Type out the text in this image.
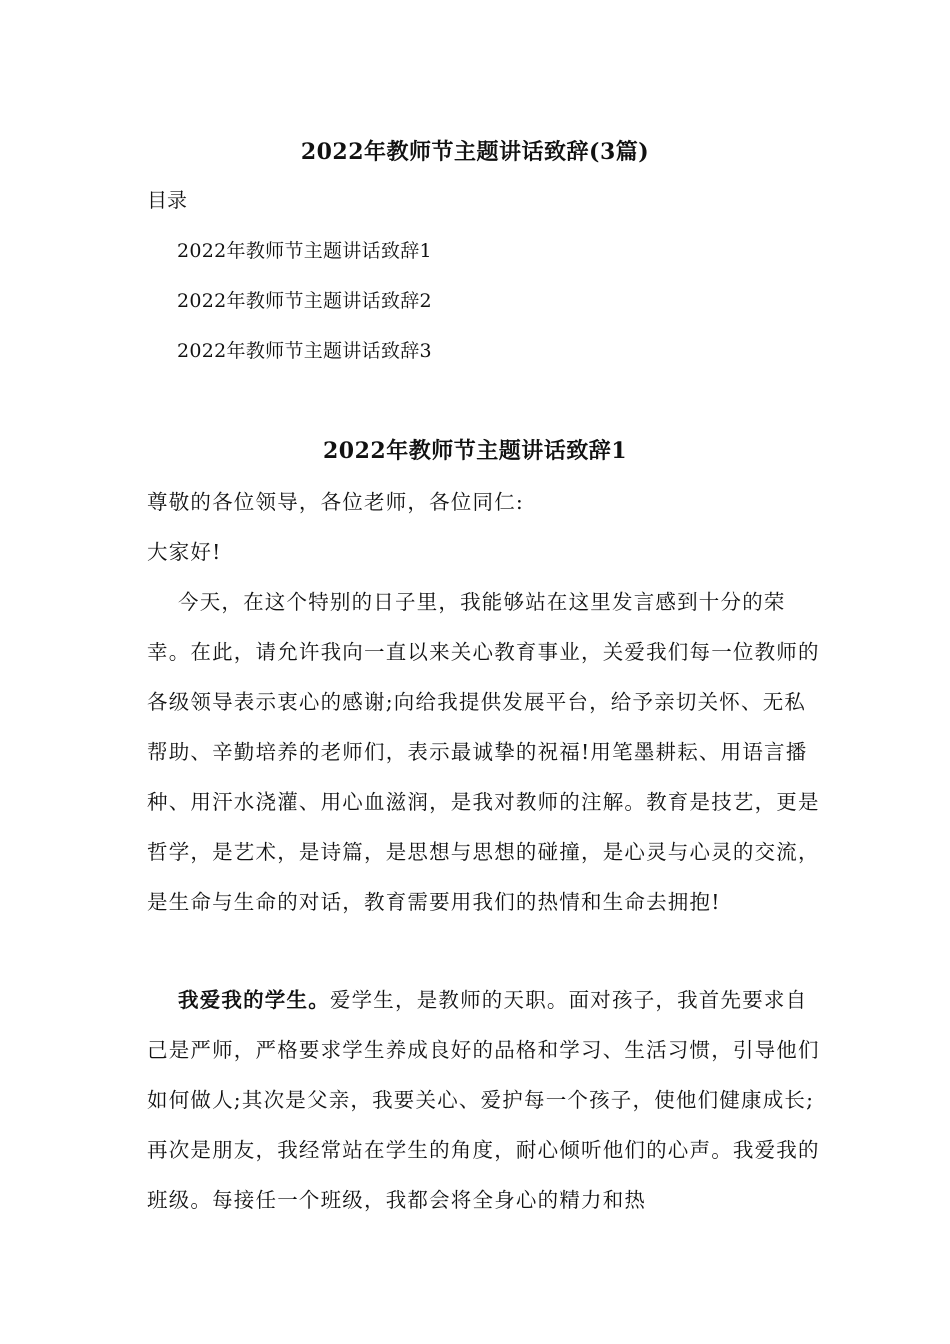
2022年教师节主题讲话致辞(3篇)
目录
2022年教师节主题讲话致辞1
2022年教师节主题讲话致辞2
2022年教师节主题讲话致辞3
2022年教师节主题讲话致辞1
尊敬的各位领导，各位老师，各位同仁:
大家好!
今天，在这个特别的日子里，我能够站在这里发言感到十分的荣幸。在此，请允许我向一直以来关心教育事业，关爱我们每一位教师的各级领导表示衷心的感谢;向给我提供发展平台，给予亲切关怀、无私帮助、辛勤培养的老师们，表示最诚挚的祝福!用笔墨耕耘、用语言播种、用汗水浇灌、用心血滋润，是我对教师的注解。教育是技艺，更是哲学，是艺术，是诗篇，是思想与思想的碰撞，是心灵与心灵的交流，是生命与生命的对话，教育需要用我们的热情和生命去拥抱!
我爱我的学生。爱学生，是教师的天职。面对孩子，我首先要求自己是严师，严格要求学生养成良好的品格和学习、生活习惯，引导他们如何做人;其次是父亲，我要关心、爱护每一个孩子，使他们健康成长;再次是朋友，我经常站在学生的角度，耐心倾听他们的心声。我爱我的班级。每接任一个班级，我都会将全身心的精力和热
